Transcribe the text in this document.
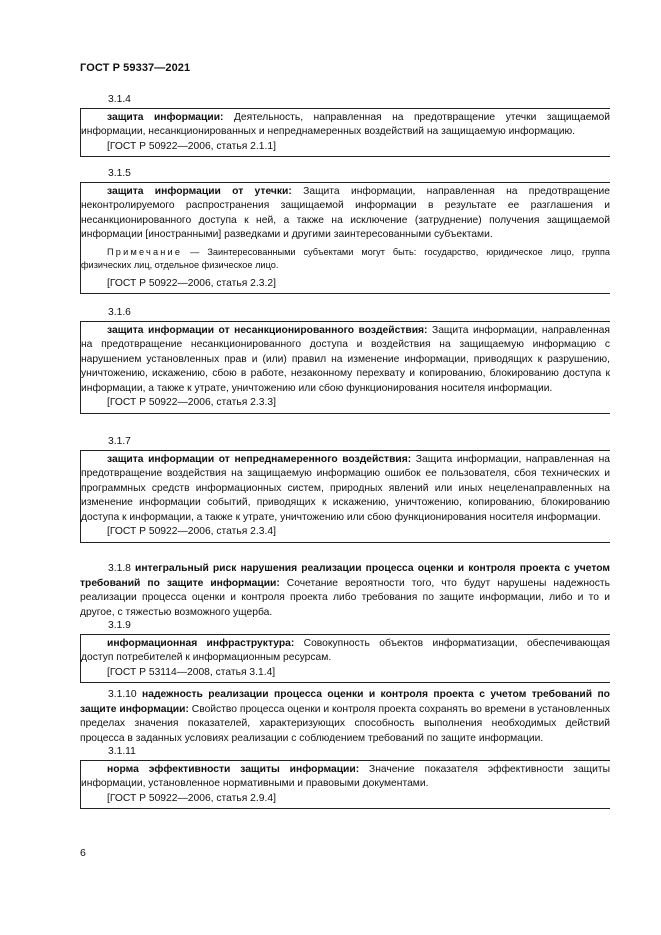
ГОСТ Р 59337—2021
3.1.4

защита информации: Деятельность, направленная на предотвращение утечки защищаемой информации, несанкционированных и непреднамеренных воздействий на защищаемую информацию.

[ГОСТ Р 50922—2006, статья 2.1.1]
3.1.5

защита информации от утечки: Защита информации, направленная на предотвращение неконтролируемого распространения защищаемой информации в результате ее разглашения и несанкционированного доступа к ней, а также на исключение (затруднение) получения защищаемой информации [иностранными] разведками и другими заинтересованными субъектами.

Примечание — Заинтересованными субъектами могут быть: государство, юридическое лицо, группа физических лиц, отдельное физическое лицо.

[ГОСТ Р 50922—2006, статья 2.3.2]
3.1.6

защита информации от несанкционированного воздействия: Защита информации, направленная на предотвращение несанкционированного доступа и воздействия на защищаемую информацию с нарушением установленных прав и (или) правил на изменение информации, приводящих к разрушению, уничтожению, искажению, сбою в работе, незаконному перехвату и копированию, блокированию доступа к информации, а также к утрате, уничтожению или сбою функционирования носителя информации.

[ГОСТ Р 50922—2006, статья 2.3.3]
3.1.7

защита информации от непреднамеренного воздействия: Защита информации, направленная на предотвращение воздействия на защищаемую информацию ошибок ее пользователя, сбоя технических и программных средств информационных систем, природных явлений или иных нецеленаправленных на изменение информации событий, приводящих к искажению, уничтожению, копированию, блокированию доступа к информации, а также к утрате, уничтожению или сбою функционирования носителя информации.

[ГОСТ Р 50922—2006, статья 2.3.4]

3.1.8 интегральный риск нарушения реализации процесса оценки и контроля проекта с учетом требований по защите информации: Сочетание вероятности того, что будут нарушены надежность реализации процесса оценки и контроля проекта либо требования по защите информации, либо и то и другое, с тяжестью возможного ущерба.

3.1.9

информационная инфраструктура: Совокупность объектов информатизации, обеспечивающая доступ потребителей к информационным ресурсам.

[ГОСТ Р 53114—2008, статья 3.1.4]

3.1.10 надежность реализации процесса оценки и контроля проекта с учетом требований по защите информации: Свойство процесса оценки и контроля проекта сохранять во времени в установленных пределах значения показателей, характеризующих способность выполнения необходимых действий процесса в заданных условиях реализации с соблюдением требований по защите информации.

3.1.11

норма эффективности защиты информации: Значение показателя эффективности защиты информации, установленное нормативными и правовыми документами.

[ГОСТ Р 50922—2006, статья 2.9.4]
6
